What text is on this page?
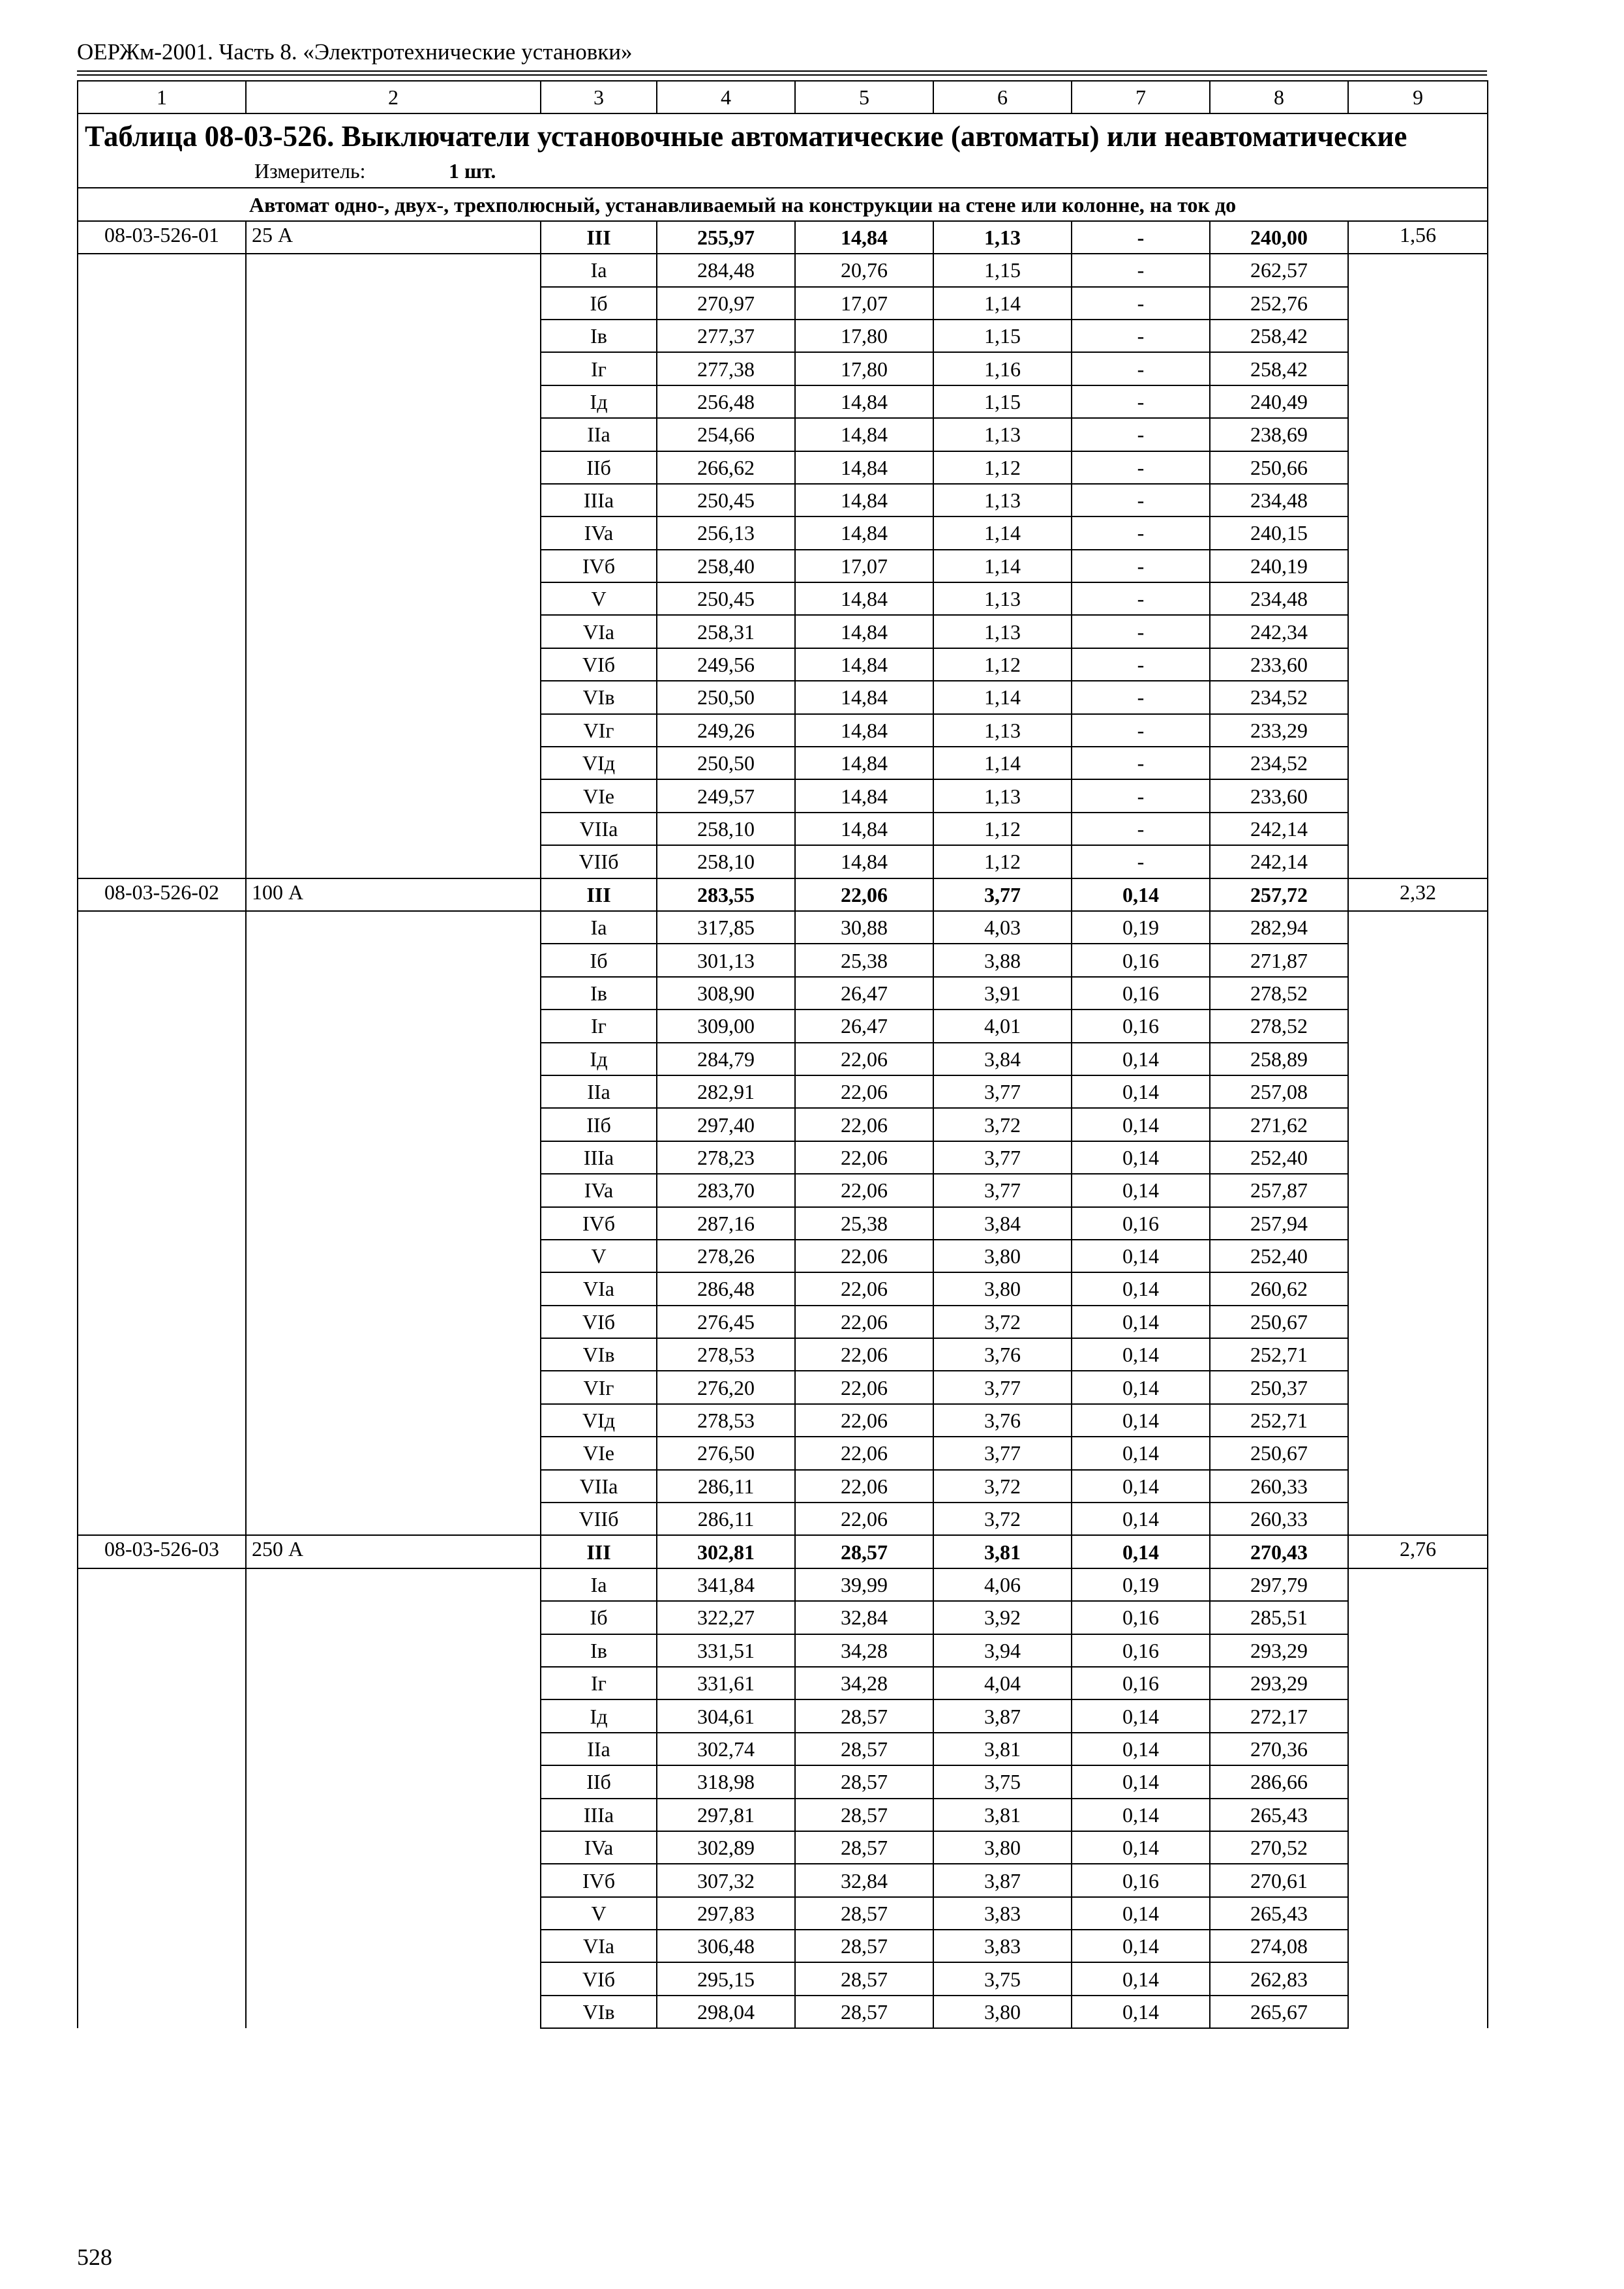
ОЕРЖм-2001. Часть 8. «Электротехнические установки»
1	2	3	4	5	6	7	8	9

Таблица 08-03-526. Выключатели установочные автоматические (автоматы) или неавтоматические
Измеритель: 1 шт.								

Автомат одно-, двух-, трехполюсный, устанавливаемый на конструкции на стене или колонне, на ток до								
08-03-526-01	25 А	III	255,97	14,84	1,13	-	240,00	1,56
		Ia	284,48	20,76	1,15	-	262,57	
		Iб	270,97	17,07	1,14	-	252,76	
		Iв	277,37	17,80	1,15	-	258,42	
		Iг	277,38	17,80	1,16	-	258,42	
		Iд	256,48	14,84	1,15	-	240,49	
		IIa	254,66	14,84	1,13	-	238,69	
		IIб	266,62	14,84	1,12	-	250,66	
		IIIa	250,45	14,84	1,13	-	234,48	
		IVa	256,13	14,84	1,14	-	240,15	
		IVб	258,40	17,07	1,14	-	240,19	
		V	250,45	14,84	1,13	-	234,48	
		VIa	258,31	14,84	1,13	-	242,34	
		VIб	249,56	14,84	1,12	-	233,60	
		VIв	250,50	14,84	1,14	-	234,52	
		VIг	249,26	14,84	1,13	-	233,29	
		VIд	250,50	14,84	1,14	-	234,52	
		VIe	249,57	14,84	1,13	-	233,60	
		VIIa	258,10	14,84	1,12	-	242,14	
		VIIб	258,10	14,84	1,12	-	242,14	
08-03-526-02	100 А	III	283,55	22,06	3,77	0,14	257,72	2,32
		Ia	317,85	30,88	4,03	0,19	282,94	
		Iб	301,13	25,38	3,88	0,16	271,87	
		Iв	308,90	26,47	3,91	0,16	278,52	
		Iг	309,00	26,47	4,01	0,16	278,52	
		Iд	284,79	22,06	3,84	0,14	258,89	
		IIa	282,91	22,06	3,77	0,14	257,08	
		IIб	297,40	22,06	3,72	0,14	271,62	
		IIIa	278,23	22,06	3,77	0,14	252,40	
		IVa	283,70	22,06	3,77	0,14	257,87	
		IVб	287,16	25,38	3,84	0,16	257,94	
		V	278,26	22,06	3,80	0,14	252,40	
		VIa	286,48	22,06	3,80	0,14	260,62	
		VIб	276,45	22,06	3,72	0,14	250,67	
		VIв	278,53	22,06	3,76	0,14	252,71	
		VIг	276,20	22,06	3,77	0,14	250,37	
		VIд	278,53	22,06	3,76	0,14	252,71	
		VIe	276,50	22,06	3,77	0,14	250,67	
		VIIa	286,11	22,06	3,72	0,14	260,33	
		VIIб	286,11	22,06	3,72	0,14	260,33	
08-03-526-03	250 А	III	302,81	28,57	3,81	0,14	270,43	2,76
		Ia	341,84	39,99	4,06	0,19	297,79	
		Iб	322,27	32,84	3,92	0,16	285,51	
		Iв	331,51	34,28	3,94	0,16	293,29	
		Iг	331,61	34,28	4,04	0,16	293,29	
		Iд	304,61	28,57	3,87	0,14	272,17	
		IIa	302,74	28,57	3,81	0,14	270,36	
		IIб	318,98	28,57	3,75	0,14	286,66	
		IIIa	297,81	28,57	3,81	0,14	265,43	
		IVa	302,89	28,57	3,80	0,14	270,52	
		IVб	307,32	32,84	3,87	0,16	270,61	
		V	297,83	28,57	3,83	0,14	265,43	
		VIa	306,48	28,57	3,83	0,14	274,08	
		VIб	295,15	28,57	3,75	0,14	262,83	
		VIв	298,04	28,57	3,80	0,14	265,67	
528
